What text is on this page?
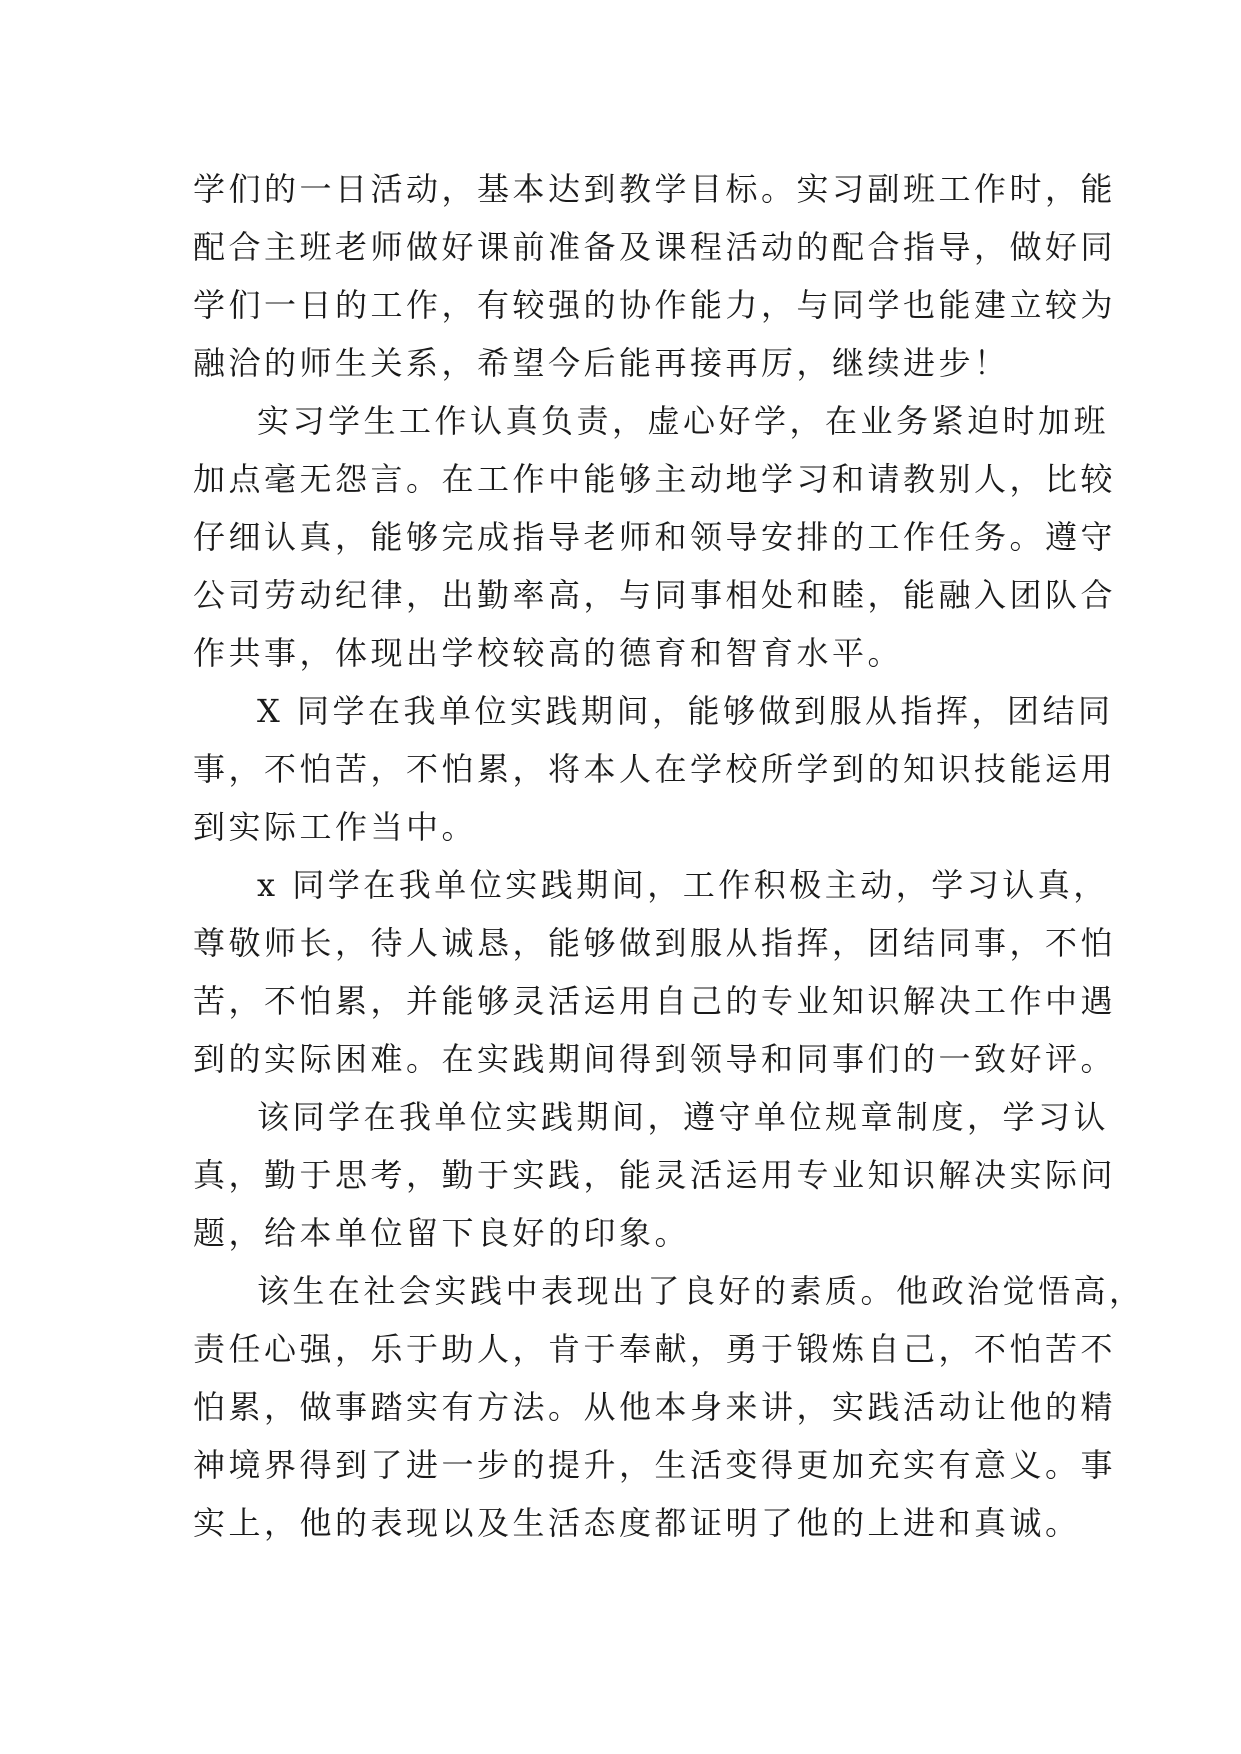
学们的一日活动，基本达到教学目标。实习副班工作时，能
配合主班老师做好课前准备及课程活动的配合指导，做好同
学们一日的工作，有较强的协作能力，与同学也能建立较为
融洽的师生关系，希望今后能再接再厉，继续进步！
实习学生工作认真负责，虚心好学，在业务紧迫时加班
加点毫无怨言。在工作中能够主动地学习和请教别人，比较
仔细认真，能够完成指导老师和领导安排的工作任务。遵守
公司劳动纪律，出勤率高，与同事相处和睦，能融入团队合
作共事，体现出学校较高的德育和智育水平。
X 同学在我单位实践期间，能够做到服从指挥，团结同
事，不怕苦，不怕累，将本人在学校所学到的知识技能运用
到实际工作当中。
x 同学在我单位实践期间，工作积极主动，学习认真，
尊敬师长，待人诚恳，能够做到服从指挥，团结同事，不怕
苦，不怕累，并能够灵活运用自己的专业知识解决工作中遇
到的实际困难。在实践期间得到领导和同事们的一致好评。
该同学在我单位实践期间，遵守单位规章制度，学习认
真，勤于思考，勤于实践，能灵活运用专业知识解决实际问
题，给本单位留下良好的印象。
该生在社会实践中表现出了良好的素质。他政治觉悟高，
责任心强，乐于助人，肯于奉献，勇于锻炼自己，不怕苦不
怕累，做事踏实有方法。从他本身来讲，实践活动让他的精
神境界得到了进一步的提升，生活变得更加充实有意义。事
实上，他的表现以及生活态度都证明了他的上进和真诚。
